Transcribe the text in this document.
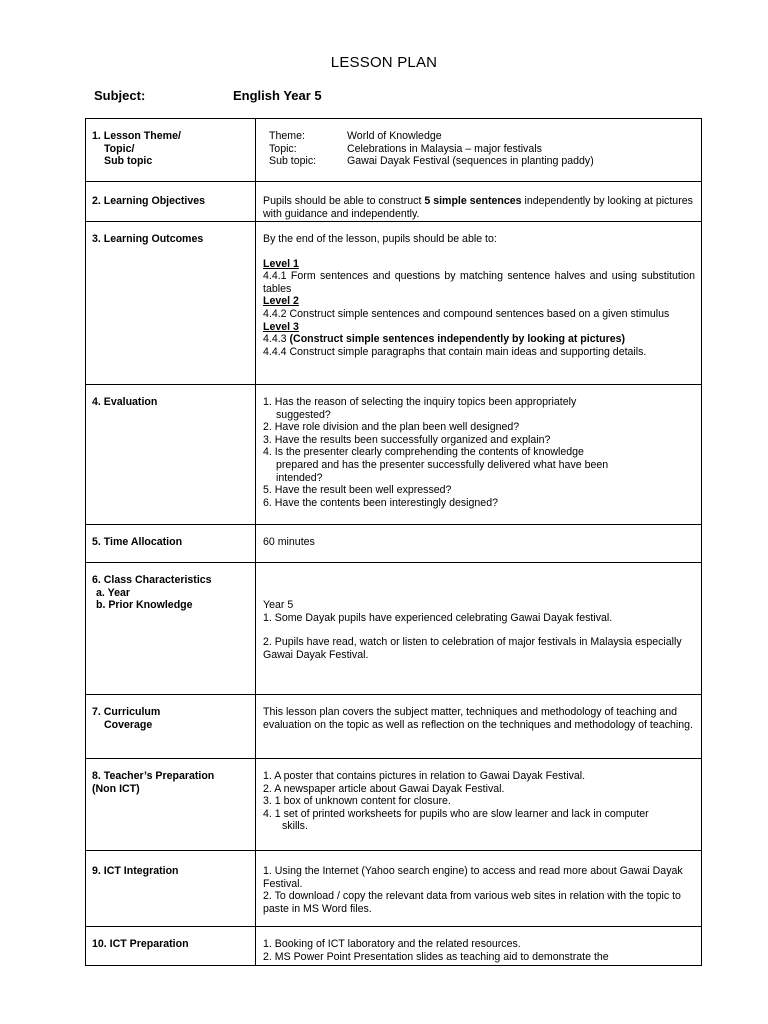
LESSON PLAN
Subject:	English Year 5
1. Lesson Theme/
Topic/
Sub topic

Theme:	World of Knowledge
Topic:	Celebrations in Malaysia – major festivals
Sub topic:	Gawai Dayak Festival (sequences in planting paddy)

2. Learning Objectives	Pupils should be able to construct 5 simple sentences independently by looking at pictures with guidance and independently.
3. Learning Outcomes	By the end of the lesson, pupils should be able to:
Level 1
4.4.1 Form sentences and questions by matching sentence halves and using substitution tables
Level 2
4.4.2 Construct simple sentences and compound sentences based on a given stimulus
Level 3
4.4.3 (Construct simple sentences independently by looking at pictures)
4.4.4 Construct simple paragraphs that contain main ideas and supporting details.

4. Evaluation	1. Has the reason of selecting the inquiry topics been appropriately
suggested?
2. Have role division and the plan been well designed?
3. Have the results been successfully organized and explain?
4. Is the presenter clearly comprehending the contents of knowledge
prepared and has the presenter successfully delivered what have been
intended?
5. Have the result been well expressed?
6. Have the contents been interestingly designed?

5. Time Allocation	60 minutes

6. Class Characteristics
a. Year
b. Prior Knowledge	Year 5
1. Some Dayak pupils have experienced celebrating Gawai Dayak festival.
2. Pupils have read, watch or listen to celebration of major festivals in Malaysia especially Gawai Dayak Festival.

7. Curriculum
Coverage
	This lesson plan covers the subject matter, techniques and methodology of teaching and evaluation on the topic as well as reflection on the techniques and methodology of teaching.

8. Teacher’s Preparation
(Non ICT)

1. A poster that contains pictures in relation to Gawai Dayak Festival.
2. A newspaper article about Gawai Dayak Festival.
3. 1 box of unknown content for closure.
4. 1 set of printed worksheets for pupils who are slow learner and lack in computer
skills.

9. ICT Integration	1. Using the Internet (Yahoo search engine) to access and read more about Gawai Dayak Festival.
2. To download / copy the relevant data from various web sites in relation with the topic to paste in MS Word files.

10. ICT Preparation	1. Booking of ICT laboratory and the related resources.
2. MS Power Point Presentation slides as teaching aid to demonstrate the
